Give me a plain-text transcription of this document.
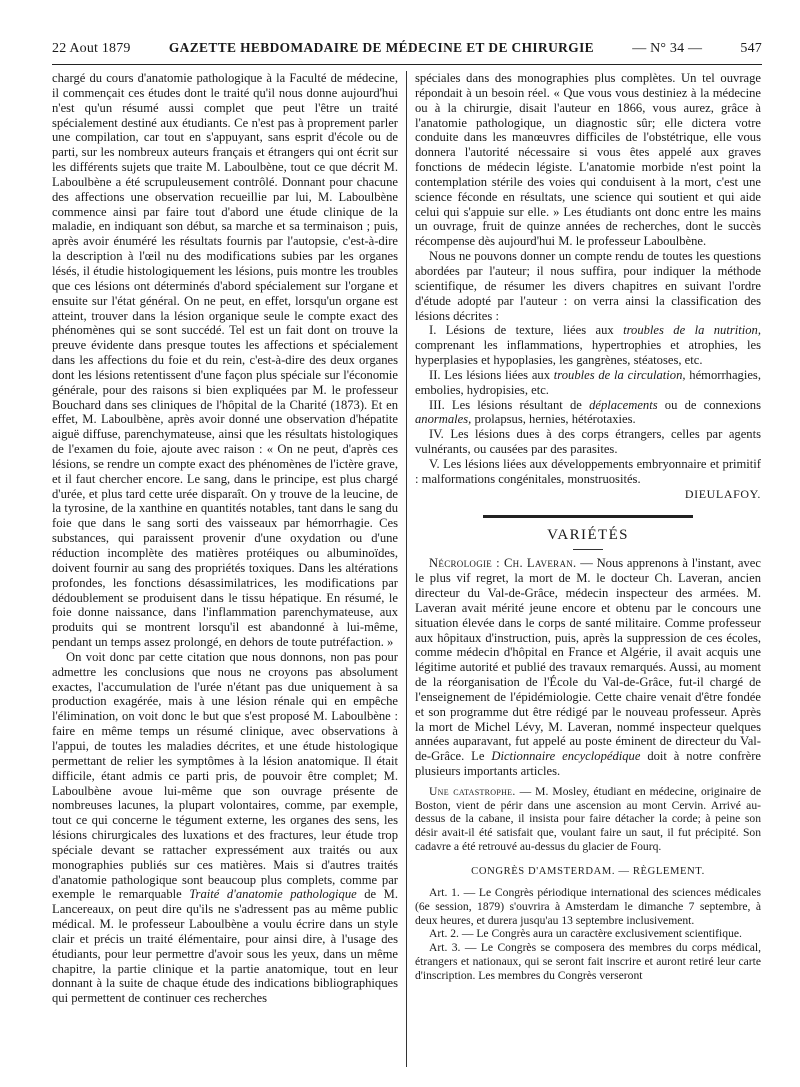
22 Aout 1879	GAZETTE HEBDOMADAIRE DE MÉDECINE ET DE CHIRURGIE	— N° 34 —	547

chargé du cours d'anatomie pathologique à la Faculté de médecine, il commençait ces études dont le traité qu'il nous donne aujourd'hui n'est qu'un résumé aussi complet que peut l'être un traité spécialement destiné aux étudiants. Ce n'est pas à proprement parler une compilation, car tout en s'appuyant, sans esprit d'école ou de parti, sur les nombreux auteurs français et étrangers qui ont écrit sur les différents sujets que traite M. Laboulbène, tout ce que décrit M. Laboulbène a été scrupuleusement contrôlé. Donnant pour chacune des affections une observation recueillie par lui, M. Laboulbène commence ainsi par faire tout d'abord une étude clinique de la maladie, en indiquant son début, sa marche et sa terminaison ; puis, après avoir énuméré les résultats fournis par l'autopsie, c'est-à-dire la description à l'œil nu des modifications subies par les organes lésés, il étudie histologiquement les lésions, puis montre les troubles que ces lésions ont déterminés d'abord spécialement sur l'organe et ensuite sur l'état général. On ne peut, en effet, lorsqu'un organe est atteint, trouver dans la lésion organique seule le compte exact des phénomènes qui se sont succédé. Tel est un fait dont on trouve la preuve évidente dans presque toutes les affections et spécialement dans les affections du foie et du rein, c'est-à-dire des deux organes dont les lésions retentissent d'une façon plus spéciale sur l'économie générale, pour des raisons si bien expliquées par M. le professeur Bouchard dans ses cliniques de l'hôpital de la Charité (1873). Et en effet, M. Laboulbène, après avoir donné une observation d'hépatite aiguë diffuse, parenchymateuse, ainsi que les résultats histologiques de l'examen du foie, ajoute avec raison : « On ne peut, d'après ces lésions, se rendre un compte exact des phénomènes de l'ictère grave, et il faut chercher encore. Le sang, dans le principe, est plus chargé d'urée, et plus tard cette urée disparaît. On y trouve de la leucine, de la tyrosine, de la xanthine en quantités notables, tant dans le sang du foie que dans le sang sorti des vaisseaux par hémorrhagie. Ces substances, qui paraissent provenir d'une oxydation ou d'une réduction incomplète des matières protéiques ou albuminoïdes, doivent fournir au sang des propriétés toxiques. Dans les altérations profondes, les fonctions désassimilatrices, les modifications par dédoublement se produisent dans le tissu hépatique. En résumé, le foie donne naissance, dans l'inflammation parenchymateuse, aux produits qui se montrent lorsqu'il est abandonné à lui-même, pendant un temps assez prolongé, en dehors de toute putréfaction. »

On voit donc par cette citation que nous donnons, non pas pour admettre les conclusions que nous ne croyons pas absolument exactes, l'accumulation de l'urée n'étant pas due uniquement à sa production exagérée, mais à une lésion rénale qui en empêche l'élimination, on voit donc le but que s'est proposé M. Laboulbène : faire en même temps un résumé clinique, avec observations à l'appui, de toutes les maladies décrites, et une étude histologique permettant de relier les symptômes à la lésion anatomique. Il était difficile, étant admis ce parti pris, de pouvoir être complet; M. Laboulbène avoue lui-même que son ouvrage présente de nombreuses lacunes, la plupart volontaires, comme, par exemple, tout ce qui concerne le tégument externe, les organes des sens, les lésions chirurgicales des luxations et des fractures, leur étude trop spéciale devant se rattacher expressément aux traités ou aux monographies publiés sur ces matières. Mais si d'autres traités d'anatomie pathologique sont beaucoup plus complets, comme par exemple le remarquable Traité d'anatomie pathologique de M. Lancereaux, on peut dire qu'ils ne s'adressent pas au même public médical. M. le professeur Laboulbène a voulu écrire dans un style clair et précis un traité élémentaire, pour ainsi dire, à l'usage des étudiants, pour leur permettre d'avoir sous les yeux, dans un même chapitre, la partie clinique et la partie anatomique, tout en leur donnant à la suite de chaque étude des indications bibliographiques qui permettent de continuer ces recherches

spéciales dans des monographies plus complètes. Un tel ouvrage répondait à un besoin réel. « Que vous vous destiniez à la médecine ou à la chirurgie, disait l'auteur en 1866, vous aurez, grâce à l'anatomie pathologique, un diagnostic sûr; elle dictera votre conduite dans les manœuvres difficiles de l'obstétrique, elle vous donnera l'autorité nécessaire si vous êtes appelé aux graves fonctions de médecin légiste. L'anatomie morbide n'est point la contemplation stérile des voies qui conduisent à la mort, c'est une science féconde en résultats, une science qui soutient et qui aide celui qui s'appuie sur elle. » Les étudiants ont donc entre les mains un ouvrage, fruit de quinze années de recherches, dont le succès récompense dès aujourd'hui M. le professeur Laboulbène.

Nous ne pouvons donner un compte rendu de toutes les questions abordées par l'auteur; il nous suffira, pour indiquer la méthode scientifique, de résumer les divers chapitres en suivant l'ordre d'étude adopté par l'auteur : on verra ainsi la classification des lésions décrites :

I. Lésions de texture, liées aux troubles de la nutrition, comprenant les inflammations, hypertrophies et atrophies, les hyperplasies et hypoplasies, les gangrènes, stéatoses, etc.

II. Les lésions liées aux troubles de la circulation, hémorrhagies, embolies, hydropisies, etc.

III. Les lésions résultant de déplacements ou de connexions anormales, prolapsus, hernies, hétérotaxies.

IV. Les lésions dues à des corps étrangers, celles par agents vulnérants, ou causées par des parasites.

V. Les lésions liées aux développements embryonnaire et primitif : malformations congénitales, monstruosités.

DIEULAFOY.

VARIÉTÉS

Nécrologie : Ch. Laveran. — Nous apprenons à l'instant, avec le plus vif regret, la mort de M. le docteur Ch. Laveran, ancien directeur du Val-de-Grâce, médecin inspecteur des armées. M. Laveran avait mérité jeune encore et obtenu par le concours une situation élevée dans le corps de santé militaire. Comme professeur aux hôpitaux d'instruction, puis, après la suppression de ces écoles, comme médecin d'hôpital en France et Algérie, il avait acquis une légitime autorité et publié des travaux remarqués. Aussi, au moment de la réorganisation de l'École du Val-de-Grâce, fut-il chargé de l'enseignement de l'épidémiologie. Cette chaire venait d'être fondée et son programme dut être rédigé par le nouveau professeur. Après la mort de Michel Lévy, M. Laveran, nommé inspecteur quelques années auparavant, fut appelé au poste éminent de directeur du Val-de-Grâce. Le Dictionnaire encyclopédique doit à notre confrère plusieurs importants articles.

Une catastrophe. — M. Mosley, étudiant en médecine, originaire de Boston, vient de périr dans une ascension au mont Cervin. Arrivé au-dessus de la cabane, il insista pour faire détacher la corde; à peine son désir avait-il été satisfait que, voulant faire un saut, il fut précipité. Son cadavre a été retrouvé au-dessus du glacier de Fourq.

CONGRÈS D'AMSTERDAM. — RÈGLEMENT.

Art. 1. — Le Congrès périodique international des sciences médicales (6e session, 1879) s'ouvrira à Amsterdam le dimanche 7 septembre, à deux heures, et durera jusqu'au 13 septembre inclusivement.

Art. 2. — Le Congrès aura un caractère exclusivement scientifique.

Art. 3. — Le Congrès se composera des membres du corps médical, étrangers et nationaux, qui se seront fait inscrire et auront retiré leur carte d'inscription. Les membres du Congrès verseront
